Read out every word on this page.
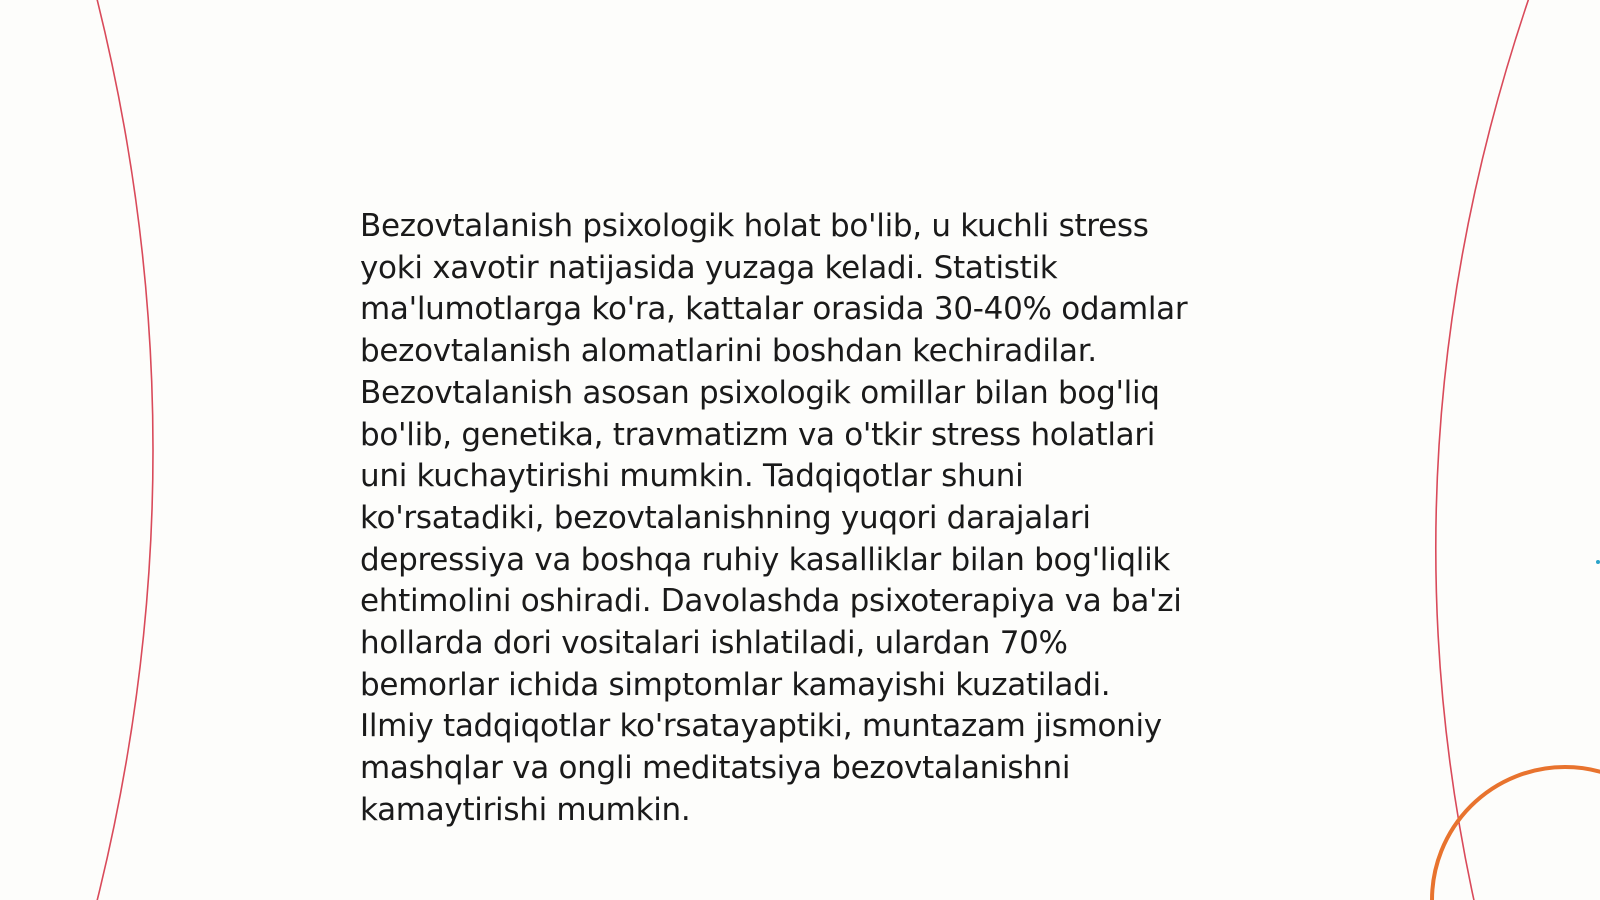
Bezovtalanish psixologik holat bo'lib, u kuchli stress
yoki xavotir natijasida yuzaga keladi. Statistik
ma'lumotlarga ko'ra, kattalar orasida 30-40% odamlar
bezovtalanish alomatlarini boshdan kechiradilar.
Bezovtalanish asosan psixologik omillar bilan bog'liq
bo'lib, genetika, travmatizm va o'tkir stress holatlari
uni kuchaytirishi mumkin. Tadqiqotlar shuni
ko'rsatadiki, bezovtalanishning yuqori darajalari
depressiya va boshqa ruhiy kasalliklar bilan bog'liqlik
ehtimolini oshiradi. Davolashda psixoterapiya va ba'zi
hollarda dori vositalari ishlatiladi, ulardan 70%
bemorlar ichida simptomlar kamayishi kuzatiladi.
Ilmiy tadqiqotlar ko'rsatayaptiki, muntazam jismoniy
mashqlar va ongli meditatsiya bezovtalanishni
kamaytirishi mumkin.
